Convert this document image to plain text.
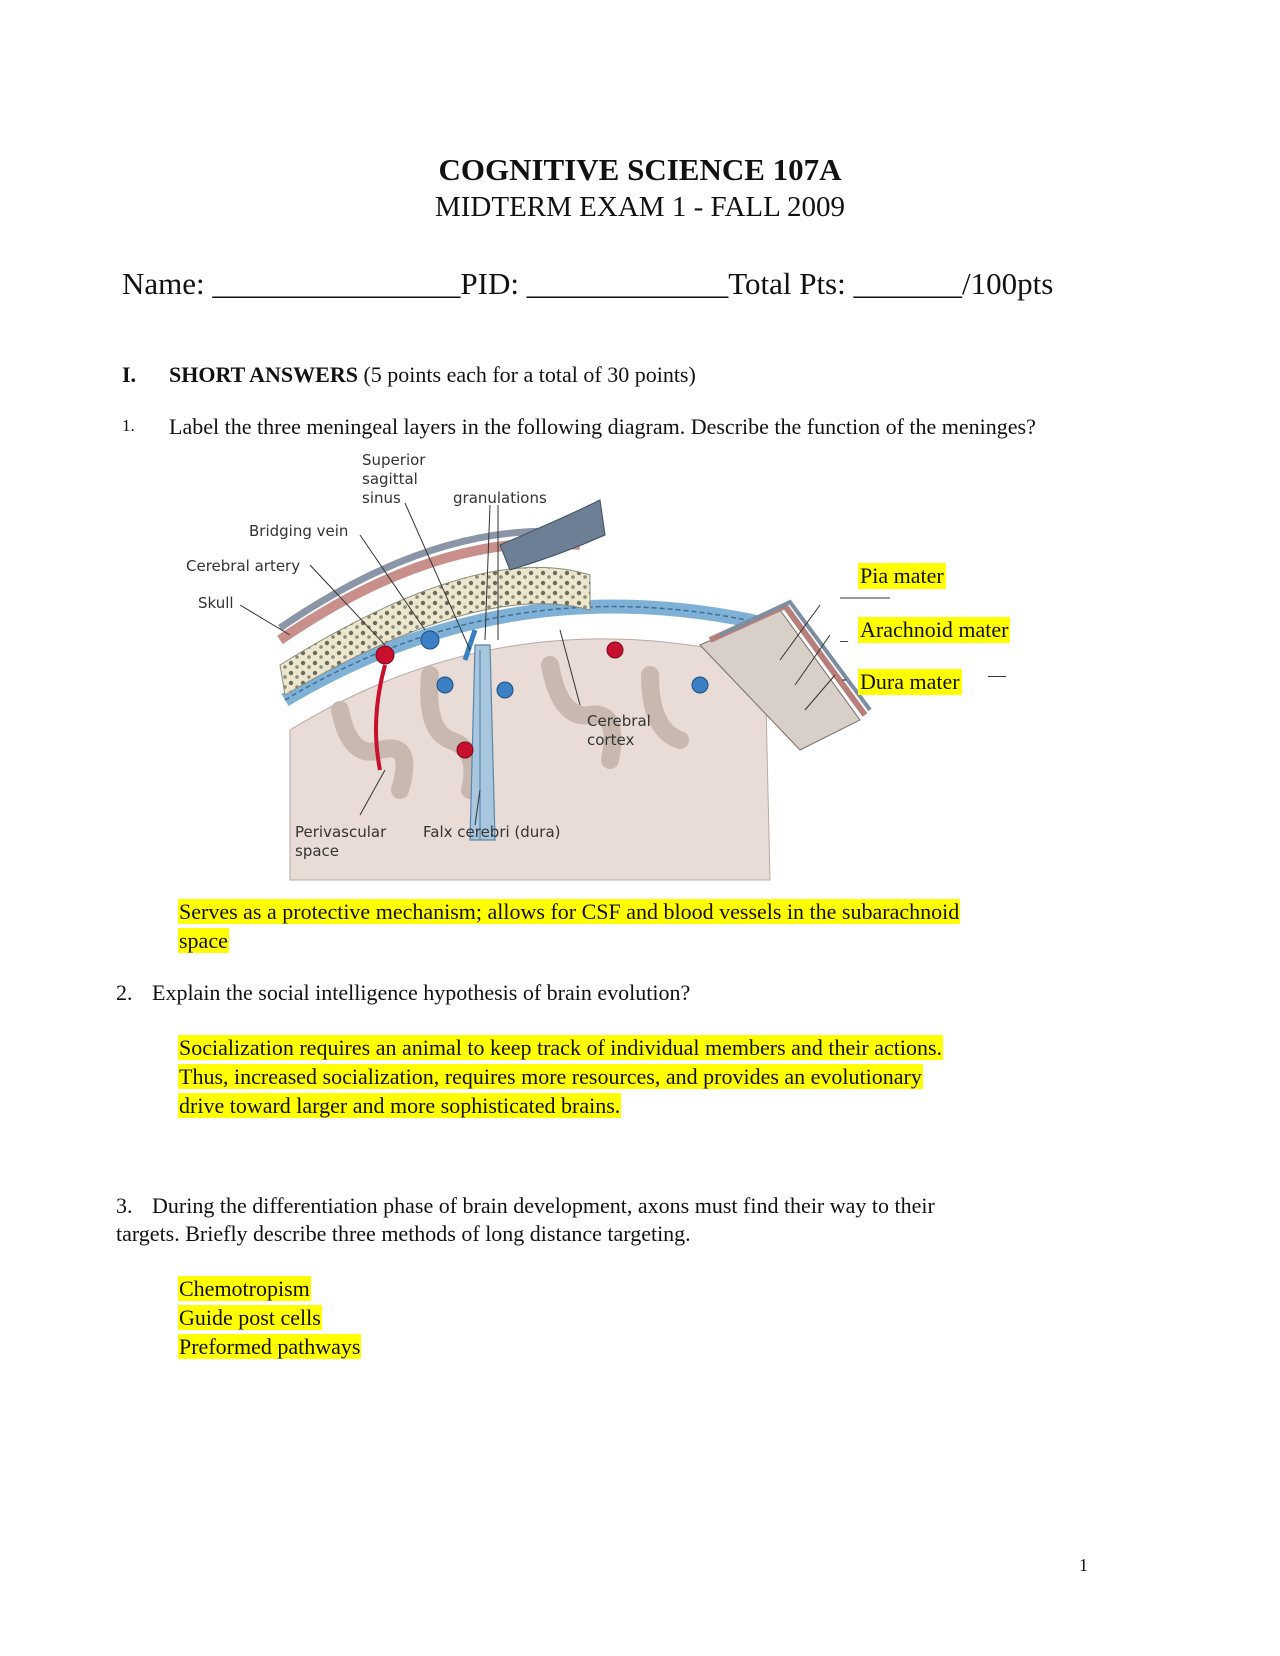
COGNITIVE SCIENCE 107A
MIDTERM EXAM 1 - FALL 2009
Name: ________________PID: _____________Total Pts: _______/100pts
I. SHORT ANSWERS (5 points each for a total of 30 points)
1. Label the three meningeal layers in the following diagram. Describe the function of the meninges?
Superior
sagittal
sinus	granulations
Bridging vein
Cerebral artery
Skull
Cerebral
cortex
Perivascular
space
Falx cerebri (dura)
Pia mater
_ Arachnoid mater
- Dura mater
Serves as a protective mechanism; allows for CSF and blood vessels in the subarachnoid
space
2. Explain the social intelligence hypothesis of brain evolution?
Socialization requires an animal to keep track of individual members and their actions.
Thus, increased socialization, requires more resources, and provides an evolutionary
drive toward larger and more sophisticated brains.
3. During the differentiation phase of brain development, axons must find their way to their
targets. Briefly describe three methods of long distance targeting.
Chemotropism
Guide post cells
Preformed pathways
1
